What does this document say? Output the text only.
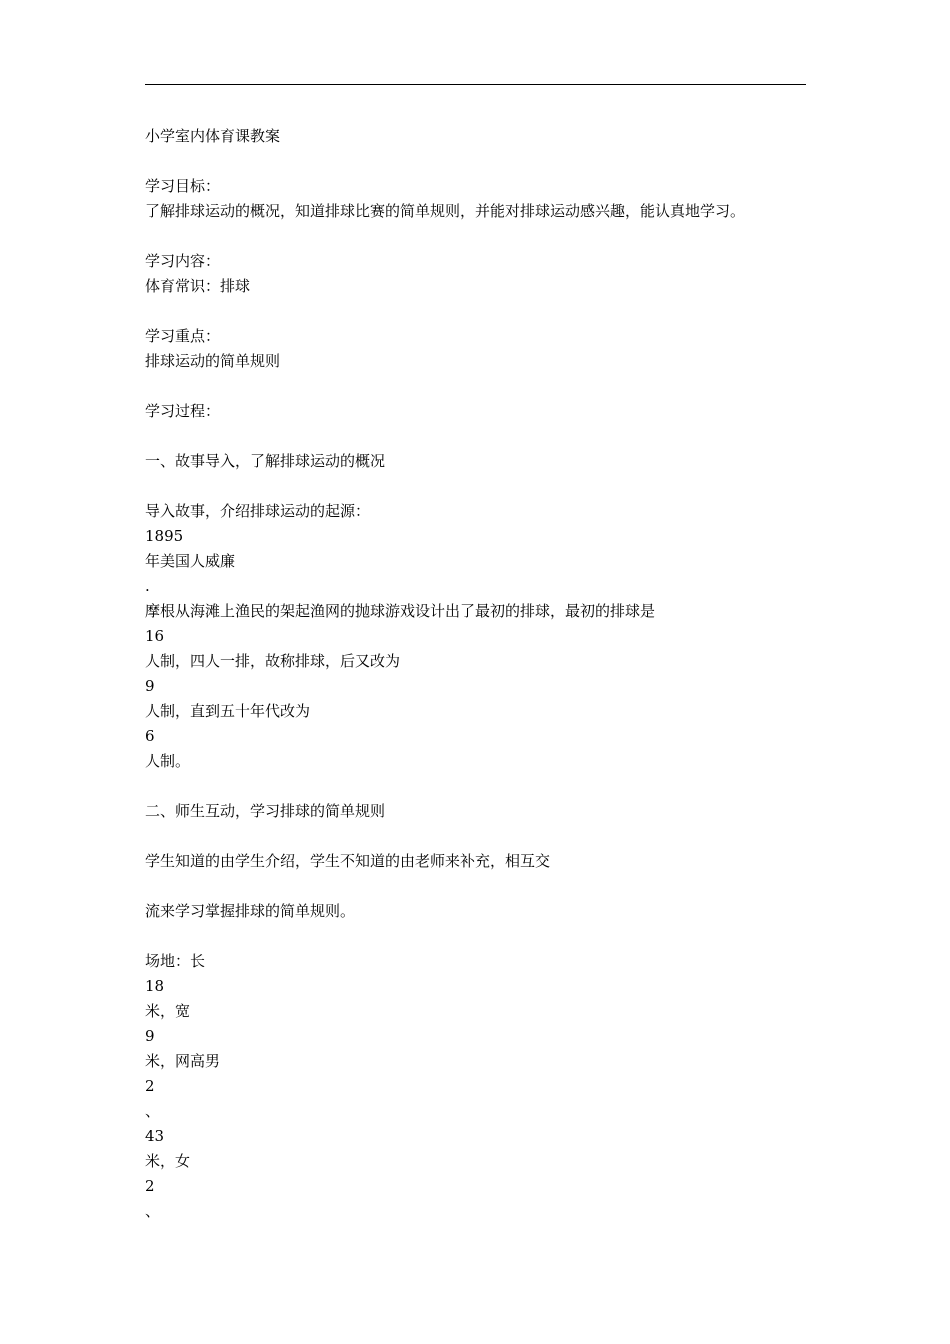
小学室内体育课教案
学习目标：
了解排球运动的概况，知道排球比赛的简单规则，并能对排球运动感兴趣，能认真地学习。
学习内容：
体育常识：排球
学习重点：
排球运动的简单规则
学习过程：
一、故事导入，了解排球运动的概况
导入故事，介绍排球运动的起源：
1895
年美国人威廉
.
摩根从海滩上渔民的架起渔网的抛球游戏设计出了最初的排球，最初的排球是
16
人制，四人一排，故称排球，后又改为
9
人制，直到五十年代改为
6
人制。
二、师生互动，学习排球的简单规则
学生知道的由学生介绍，学生不知道的由老师来补充，相互交
流来学习掌握排球的简单规则。
场地：长
18
米，宽
9
米，网高男
2
、
43
米，女
2
、
